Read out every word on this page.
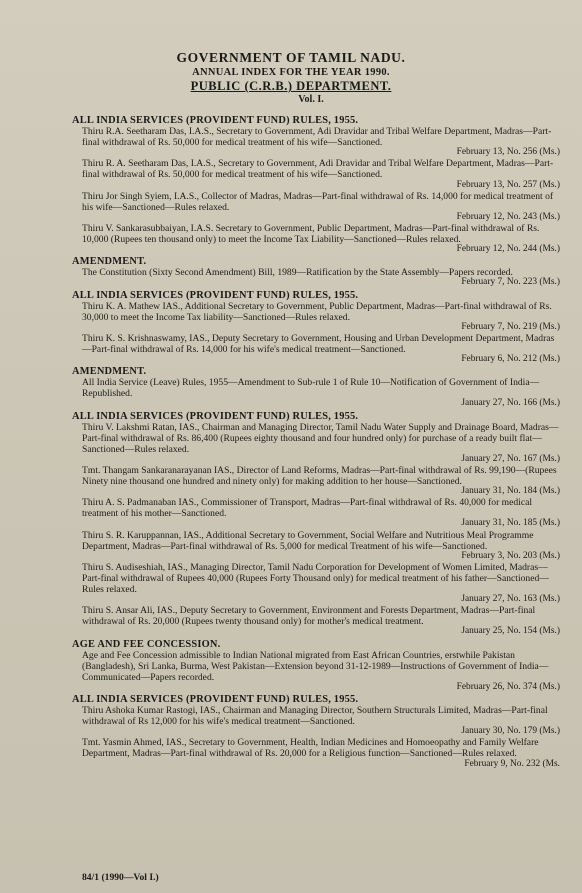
GOVERNMENT OF TAMIL NADU.
ANNUAL INDEX FOR THE YEAR 1990.
PUBLIC (C.R.B.) DEPARTMENT.
Vol. I.
ALL INDIA SERVICES (PROVIDENT FUND) RULES, 1955.
Thiru R.A. Seetharam Das, I.A.S., Secretary to Government, Adi Dravidar and Tribal Welfare Department, Madras—Part-final withdrawal of Rs. 50,000 for medical treatment of his wife—Sanctioned.
February 13, No. 256 (Ms.)
Thiru R. A. Seetharam Das, I.A.S., Secretary to Government, Adi Dravidar and Tribal Welfare Department, Madras—Part-final withdrawal of Rs. 50,000 for medical treatment of his wife—Sanctioned.
February 13, No. 257 (Ms.)
Thiru Jor Singh Syiem, I.A.S., Collector of Madras, Madras—Part-final withdrawal of Rs. 14,000 for medical treatment of his wife—Sanctioned—Rules relaxed.
February 12, No. 243 (Ms.)
Thiru V. Sankarasubbaiyan, I.A.S. Secretary to Government, Public Department, Madras—Part-final withdrawal of Rs. 10,000 (Rupees ten thousand only) to meet the Income Tax Liability—Sanctioned—Rules relaxed.
February 12, No. 244 (Ms.)
AMENDMENT.
The Constitution (Sixty Second Amendment) Bill, 1989—Ratification by the State Assembly—Papers recorded.
February 7, No. 223 (Ms.)
ALL INDIA SERVICES (PROVIDENT FUND) RULES, 1955.
Thiru K. A. Mathew IAS., Additional Secretary to Government, Public Department, Madras—Part-final withdrawal of Rs. 30,000 to meet the Income Tax liability—Sanctioned—Rules relaxed.
February 7, No. 219 (Ms.)
Thiru K. S. Krishnaswamy, IAS., Deputy Secretary to Government, Housing and Urban Development Department, Madras—Part-final withdrawal of Rs. 14,000 for his wife's medical treatment—Sanctioned.
February 6, No. 212 (Ms.)
AMENDMENT.
All India Service (Leave) Rules, 1955—Amendment to Sub-rule 1 of Rule 10—Notification of Government of India—Republished.
January 27, No. 166 (Ms.)
ALL INDIA SERVICES (PROVIDENT FUND) RULES, 1955.
Thiru V. Lakshmi Ratan, IAS., Chairman and Managing Director, Tamil Nadu Water Supply and Drainage Board, Madras—Part-final withdrawal of Rs. 86,400 (Rupees eighty thousand and four hundred only) for purchase of a ready built flat—Sanctioned—Rules relaxed.
January 27, No. 167 (Ms.)
Tmt. Thangam Sankaranarayanan IAS., Director of Land Reforms, Madras—Part-final withdrawal of Rs. 99,190—(Rupees Ninety nine thousand one hundred and ninety only) for making addition to her house—Sanctioned.
January 31, No. 184 (Ms.)
Thiru A. S. Padmanaban IAS., Commissioner of Transport, Madras—Part-final withdrawal of Rs. 40,000 for medical treatment of his mother—Sanctioned.
January 31, No. 185 (Ms.)
Thiru S. R. Karuppannan, IAS., Additional Secretary to Government, Social Welfare and Nutritious Meal Programme Department, Madras—Part-final withdrawal of Rs. 5,000 for medical Treatment of his wife—Sanctioned.
February 3, No. 203 (Ms.)
Thiru S. Audiseshiah, IAS., Managing Director, Tamil Nadu Corporation for Development of Women Limited, Madras—Part-final withdrawal of Rupees 40,000 (Rupees Forty Thousand only) for medical treatment of his father—Sanctioned—Rules relaxed.
January 27, No. 163 (Ms.)
Thiru S. Ansar Ali, IAS., Deputy Secretary to Government, Environment and Forests Department, Madras—Part-final withdrawal of Rs. 20,000 (Rupees twenty thousand only) for mother's medical treatment.
January 25, No. 154 (Ms.)
AGE AND FEE CONCESSION.
Age and Fee Concession admissible to Indian National migrated from East African Countries, erstwhile Pakistan (Bangladesh), Sri Lanka, Burma, West Pakistan—Extension beyond 31-12-1989—Instructions of Government of India—Communicated—Papers recorded.
February 26, No. 374 (Ms.)
ALL INDIA SERVICES (PROVIDENT FUND) RULES, 1955.
Thiru Ashoka Kumar Rastogi, IAS., Chairman and Managing Director, Southern Structurals Limited, Madras—Part-final withdrawal of Rs 12,000 for his wife's medical treatment—Sanctioned.
January 30, No. 179 (Ms.)
Tmt. Yasmin Ahmed, IAS., Secretary to Government, Health, Indian Medicines and Homoeopathy and Family Welfare Department, Madras—Part-final withdrawal of Rs. 20,000 for a Religious function—Sanctioned—Rules relaxed.
February 9, No. 232 (Ms.
84/1 (1990—Vol I.)
